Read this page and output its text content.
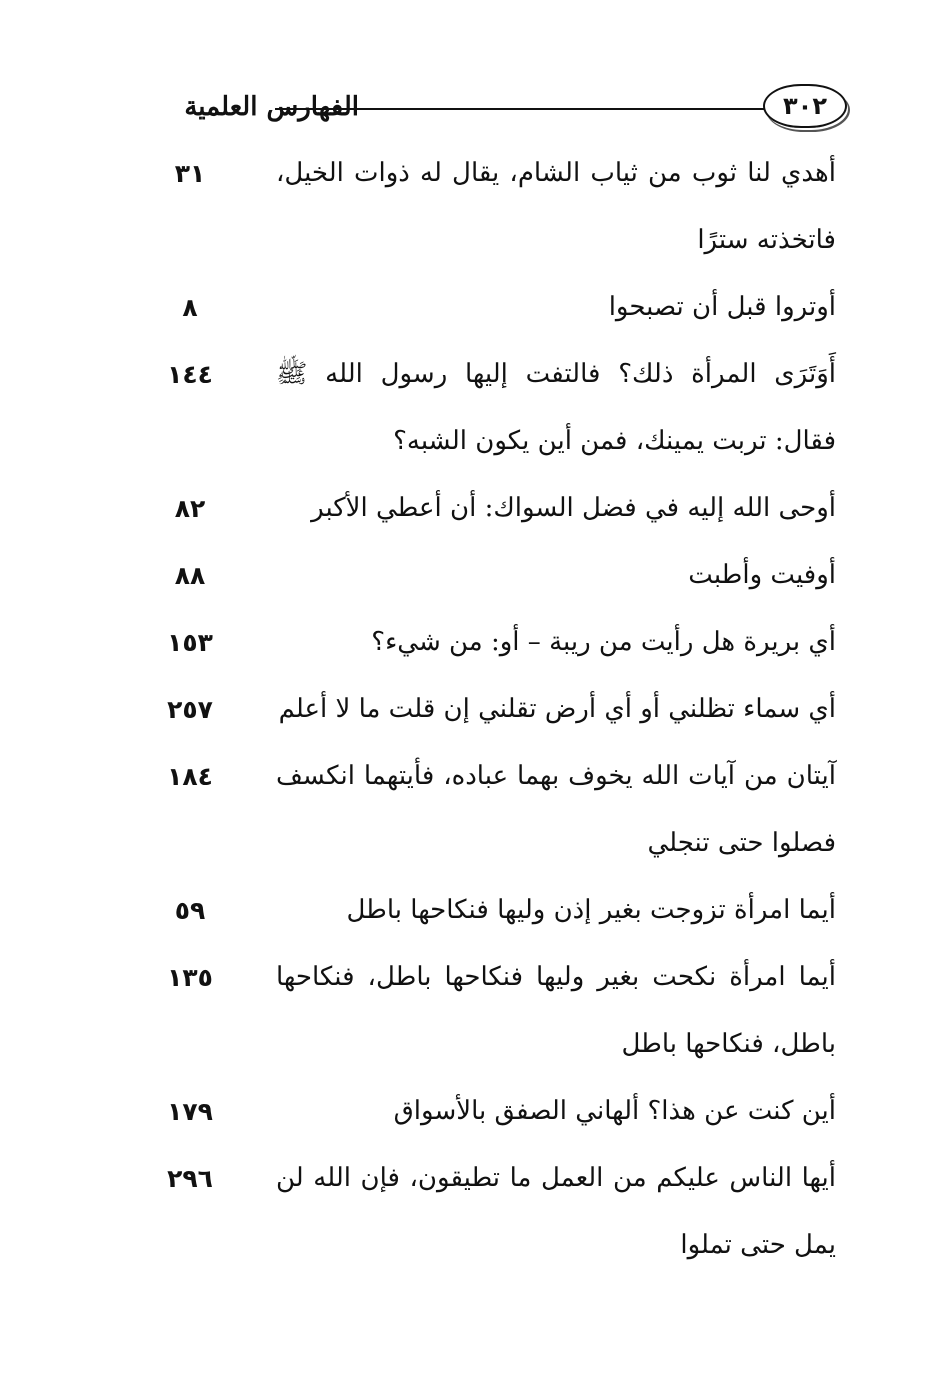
الفهارس العلمية	٣٠٢
أهدي لنا ثوب من ثياب الشام، يقال له ذوات الخيل، فاتخذته سترًا
٣١
أوتروا قبل أن تصبحوا
٨
أَوَتَرَى المرأة ذلك؟ فالتفت إليها رسول الله ﷺ فقال: تربت يمينك، فمن أين يكون الشبه؟
١٤٤
أوحى الله إليه في فضل السواك: أن أعطي الأكبر
٨٢
أوفيت وأطبت
٨٨
أي بريرة هل رأيت من ريبة – أو: من شيء؟
١٥٣
أي سماء تظلني أو أي أرض تقلني إن قلت ما لا أعلم
٢٥٧
آيتان من آيات الله يخوف بهما عباده، فأيتهما انكسف فصلوا حتى تنجلي
١٨٤
أيما امرأة تزوجت بغير إذن وليها فنكاحها باطل
٥٩
أيما امرأة نكحت بغير وليها فنكاحها باطل، فنكاحها باطل، فنكاحها باطل
١٣٥
أين كنت عن هذا؟ ألهاني الصفق بالأسواق
١٧٩
أيها الناس عليكم من العمل ما تطيقون، فإن الله لن يمل حتى تملوا
٢٩٦
